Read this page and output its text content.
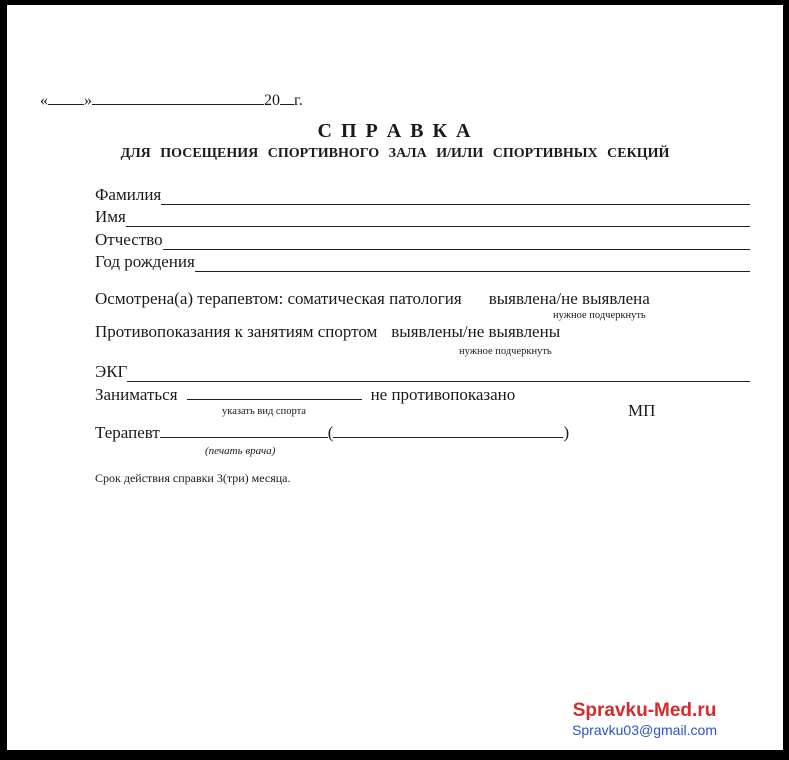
« »	20 г.
С П Р А В К А
ДЛЯ ПОСЕЩЕНИЯ СПОРТИВНОГО ЗАЛА И/ИЛИ СПОРТИВНЫХ СЕКЦИЙ
Фамилия
Имя
Отчество
Год рождения
Осмотрена(а) терапевтом: соматическая патология выявлена/не выявлена
нужное подчеркнуть
Противопоказания к занятиям спортом выявлены/не выявлены
нужное подчеркнуть
ЭКГ
Заниматься	не противопоказано
указать вид спорта	МП
Терапевт	(	)
(печать врача)
Срок действия справки 3(три) месяца.
Spravku-Med.ru
Spravku03@gmail.com
